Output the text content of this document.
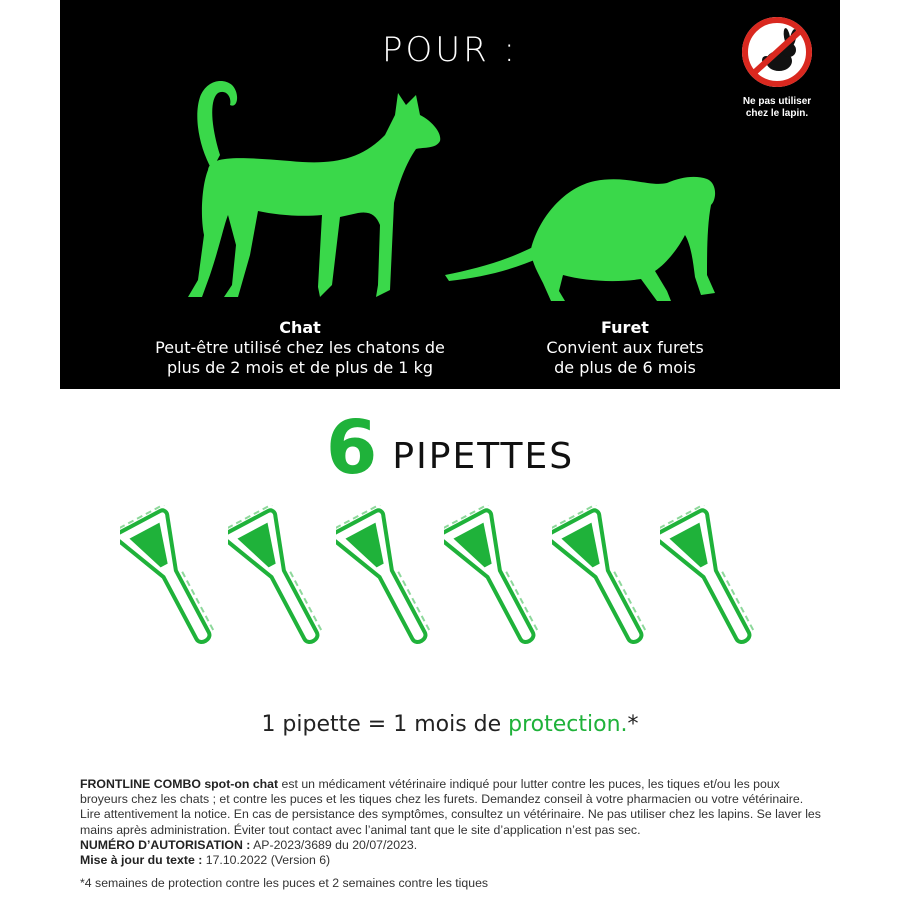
POUR :
Ne pas utiliser
chez le lapin.
Chat
Peut-être utilisé chez les chatons de
plus de 2 mois et de plus de 1 kg
Furet
Convient aux furets
de plus de 6 mois
6 PIPETTES
1 pipette = 1 mois de protection.*
FRONTLINE COMBO spot-on chat est un médicament vétérinaire indiqué pour lutter contre les puces, les tiques et/ou les poux broyeurs chez les chats ; et contre les puces et les tiques chez les furets. Demandez conseil à votre pharmacien ou votre vétérinaire. Lire attentivement la notice. En cas de persistance des symptômes, consultez un vétérinaire. Ne pas utiliser chez les lapins. Se laver les mains après administration. Éviter tout contact avec l’animal tant que le site d’application n’est pas sec.
NUMÉRO D’AUTORISATION : AP-2023/3689 du 20/07/2023.
Mise à jour du texte : 17.10.2022 (Version 6)
*4 semaines de protection contre les puces et 2 semaines contre les tiques
